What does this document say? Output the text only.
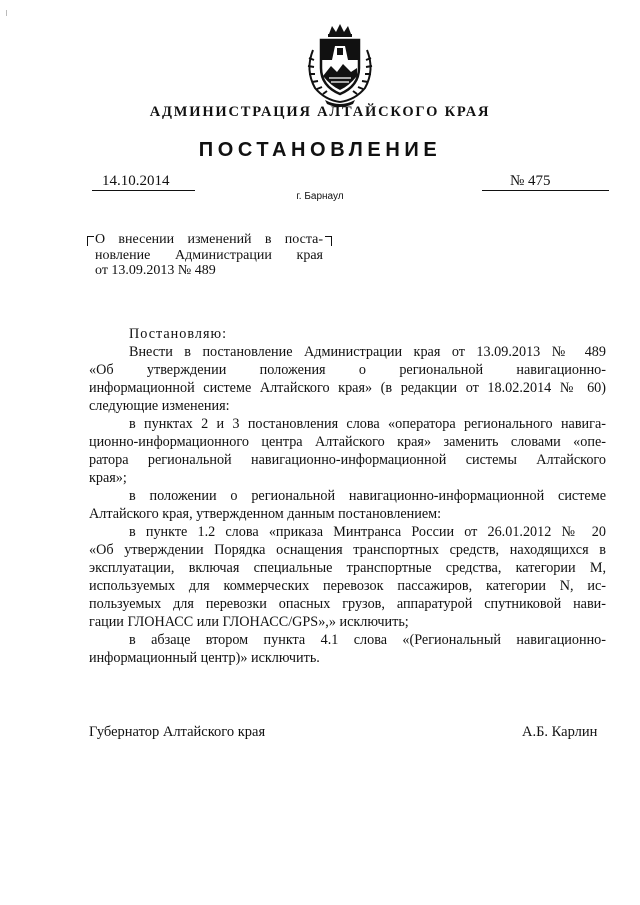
АДМИНИСТРАЦИЯ АЛТАЙСКОГО КРАЯ
ПОСТАНОВЛЕНИЕ
14.10.2014	№ 475
г. Барнаул
О внесении изменений в поста-
новление Администрации края
от 13.09.2013 № 489
Постановляю:
Внести в постановление Администрации края от 13.09.2013 № 489
«Об утверждении положения о региональной навигационно-
информационной системе Алтайского края» (в редакции от 18.02.2014 № 60)
следующие изменения:
в пунктах 2 и 3 постановления слова «оператора регионального навига-
ционно-информационного центра Алтайского края» заменить словами «опе-
ратора региональной навигационно-информационной системы Алтайского
края»;
в положении о региональной навигационно-информационной системе
Алтайского края, утвержденном данным постановлением:
в пункте 1.2 слова «приказа Минтранса России от 26.01.2012 № 20
«Об утверждении Порядка оснащения транспортных средств, находящихся в
эксплуатации, включая специальные транспортные средства, категории М,
используемых для коммерческих перевозок пассажиров, категории N, ис-
пользуемых для перевозки опасных грузов, аппаратурой спутниковой нави-
гации ГЛОНАСС или ГЛОНАСС/GPS»,» исключить;
в абзаце втором пункта 4.1 слова «(Региональный навигационно-
информационный центр)» исключить.
Губернатор Алтайского края	А.Б. Карлин
